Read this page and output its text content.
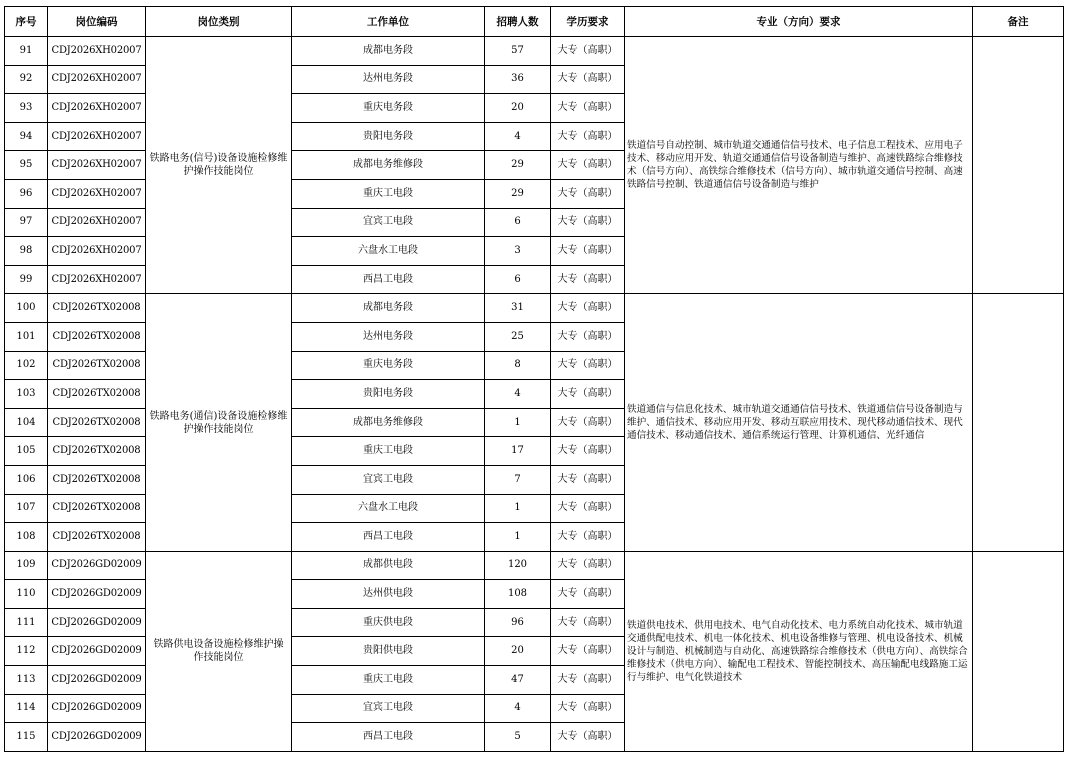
序号	岗位编码	岗位类别	工作单位	招聘人数	学历要求	专业（方向）要求	备注
91	CDJ2026XH02007	铁路电务(信号)设备设施检修维护操作技能岗位	成都电务段	57	大专（高职）	铁道信号自动控制、城市轨道交通通信信号技术、电子信息工程技术、应用电子技术、移动应用开发、轨道交通通信信号设备制造与维护、高速铁路综合维修技术（信号方向）、高铁综合维修技术（信号方向）、城市轨道交通信号控制、高速铁路信号控制、铁道通信信号设备制造与维护	
92	CDJ2026XH02007		达州电务段	36	大专（高职）		
93	CDJ2026XH02007		重庆电务段	20	大专（高职）		
94	CDJ2026XH02007		贵阳电务段	4	大专（高职）		
95	CDJ2026XH02007		成都电务维修段	29	大专（高职）		
96	CDJ2026XH02007		重庆工电段	29	大专（高职）		
97	CDJ2026XH02007		宜宾工电段	6	大专（高职）		
98	CDJ2026XH02007		六盘水工电段	3	大专（高职）		
99	CDJ2026XH02007		西昌工电段	6	大专（高职）		
100	CDJ2026TX02008	铁路电务(通信)设备设施检修维护操作技能岗位	成都电务段	31	大专（高职）	铁道通信与信息化技术、城市轨道交通通信信号技术、铁道通信信号设备制造与维护、通信技术、移动应用开发、移动互联应用技术、现代移动通信技术、现代通信技术、移动通信技术、通信系统运行管理、计算机通信、光纤通信	
101	CDJ2026TX02008		达州电务段	25	大专（高职）		
102	CDJ2026TX02008		重庆电务段	8	大专（高职）		
103	CDJ2026TX02008		贵阳电务段	4	大专（高职）		
104	CDJ2026TX02008		成都电务维修段	1	大专（高职）		
105	CDJ2026TX02008		重庆工电段	17	大专（高职）		
106	CDJ2026TX02008		宜宾工电段	7	大专（高职）		
107	CDJ2026TX02008		六盘水工电段	1	大专（高职）		
108	CDJ2026TX02008		西昌工电段	1	大专（高职）		
109	CDJ2026GD02009	铁路供电设备设施检修维护操作技能岗位	成都供电段	120	大专（高职）	铁道供电技术、供用电技术、电气自动化技术、电力系统自动化技术、城市轨道交通供配电技术、机电一体化技术、机电设备维修与管理、机电设备技术、机械设计与制造、机械制造与自动化、高速铁路综合维修技术（供电方向）、高铁综合维修技术（供电方向）、输配电工程技术、智能控制技术、高压输配电线路施工运行与维护、电气化铁道技术	
110	CDJ2026GD02009		达州供电段	108	大专（高职）		
111	CDJ2026GD02009		重庆供电段	96	大专（高职）		
112	CDJ2026GD02009		贵阳供电段	20	大专（高职）		
113	CDJ2026GD02009		重庆工电段	47	大专（高职）		
114	CDJ2026GD02009		宜宾工电段	4	大专（高职）		
115	CDJ2026GD02009		西昌工电段	5	大专（高职）		
